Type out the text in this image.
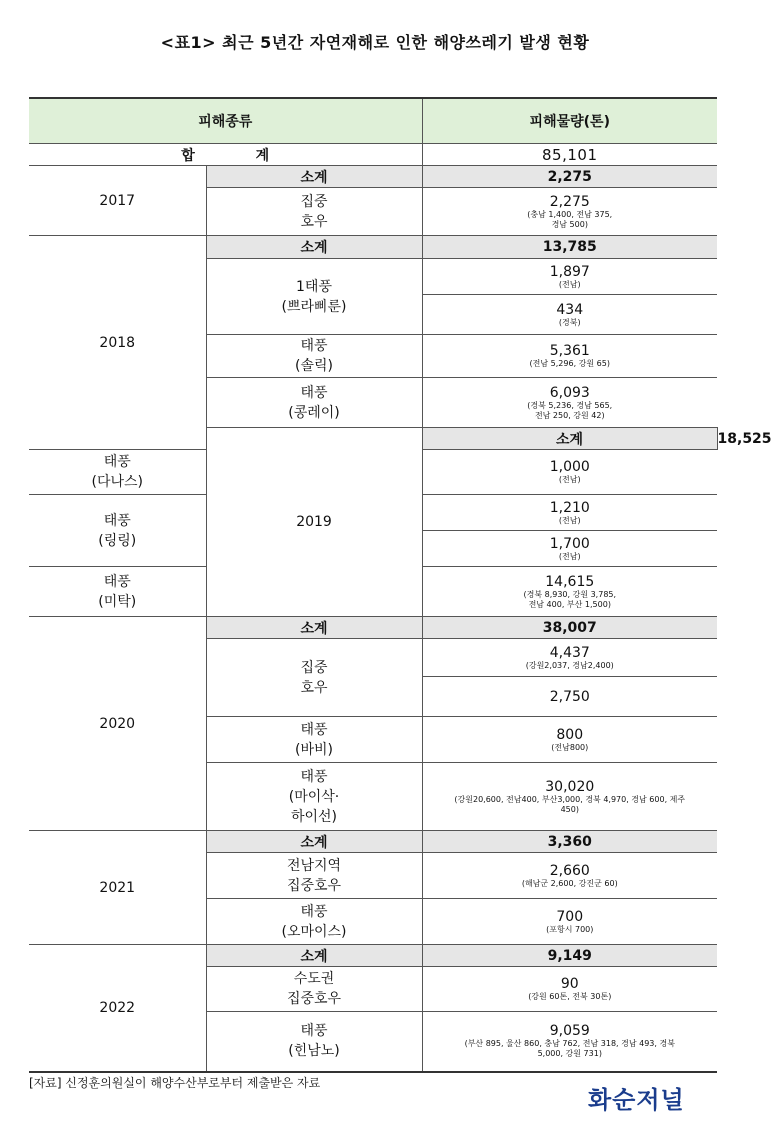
<표1> 최근 5년간 자연재해로 인한 해양쓰레기 발생 현황
피해종류		피해물량(톤)	
합 계		85,101	
2017	소계	2,275	
	집중
호우	2,275
(충남 1,400, 전남 375,
경남 500)	

2018	소계	13,785	
	1태풍
(쁘라삐룬)	1,897
(전남)	

		434
(경북)	

	태풍
(솔릭)	5,361
(전남 5,296, 강원 65)	

	태풍
(콩레이)	6,093
(경북 5,236, 경남 565,
전남 250, 강원 42)	

	2019	소계	18,525
태풍
(다나스)		1,000
(전남)	

태풍
(링링)		1,210
(전남)	

		1,700
(전남)	

태풍
(미탁)		14,615
(경북 8,930, 강원 3,785,
전남 400, 부산 1,500)	

2020	소계	38,007	
	집중
호우	4,437
(강원2,037, 경남2,400)	

		2,750	

	태풍
(바비)	800
(전남800)	

	태풍
(마이삭·
하이선)	30,020
(강원20,600, 전남400, 부산3,000, 경북 4,970, 경남 600, 제주
450)	

2021	소계	3,360	
	전남지역
집중호우	2,660
(해남군 2,600, 강진군 60)	

	태풍
(오마이스)	700
(포항시 700)	

2022	소계	9,149	
	수도권
집중호우	90
(강원 60톤, 전북 30톤)	

	태풍
(힌남노)	9,059
(부산 895, 울산 860, 충남 762, 전남 318, 경남 493, 경북
5,000, 강원 731)	
[자료] 신정훈의원실이 해양수산부로부터 제출받은 자료
화순저널
